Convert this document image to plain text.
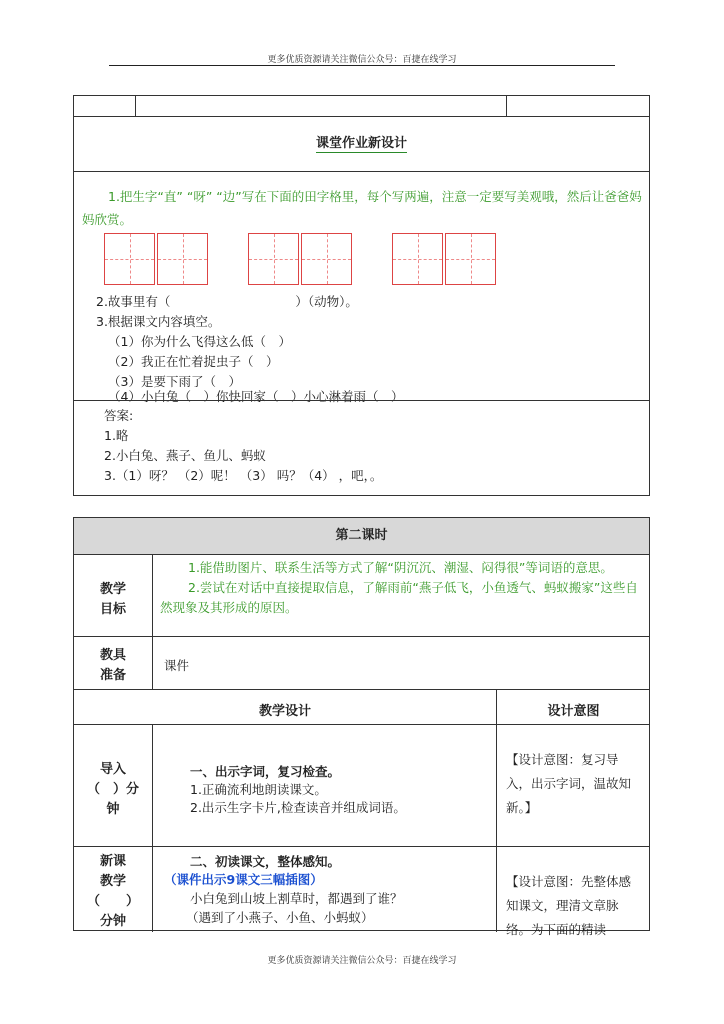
更多优质资源请关注微信公众号：百捷在线学习
课堂作业新设计
1.把生字“直” “呀” “边”写在下面的田字格里，每个写两遍，注意一定要写美观哦，然后让爸爸妈妈欣赏。
2.故事里有（　　　　　　　　　　）（动物）。
3.根据课文内容填空。
（1）你为什么飞得这么低（　）
（2）我正在忙着捉虫子（　）
（3）是要下雨了（　）
（4）小白兔（　）你快回家（　）小心淋着雨（　）
答案:
1.略
2.小白兔、燕子、鱼儿、蚂蚁
3.（1）呀？ （2）呢！ （3） 吗？（4） ，吧，。
第二课时
教学
目标

1.能借助图片、联系生活等方式了解“阴沉沉、潮湿、闷得很”等词语的意思。

2.尝试在对话中直接提取信息，了解雨前“燕子低飞，小鱼透气、蚂蚁搬家”这些自然现象及其形成的原因。

教具
准备
课件
教学设计	设计意图
导入
（　）分
钟
一、出示字词，复习检查。
1.正确流利地朗读课文。
2.出示生字卡片,检查读音并组成词语。
【设计意图：复习导入，出示字词，温故知新。】
新课
教学
（　　）
分钟
二、初读课文，整体感知。
（课件出示9课文三幅插图）
小白兔到山坡上割草时，都遇到了谁？
（遇到了小燕子、小鱼、小蚂蚁）
【设计意图：先整体感知课文，理清文章脉络。为下面的精读
更多优质资源请关注微信公众号：百捷在线学习
